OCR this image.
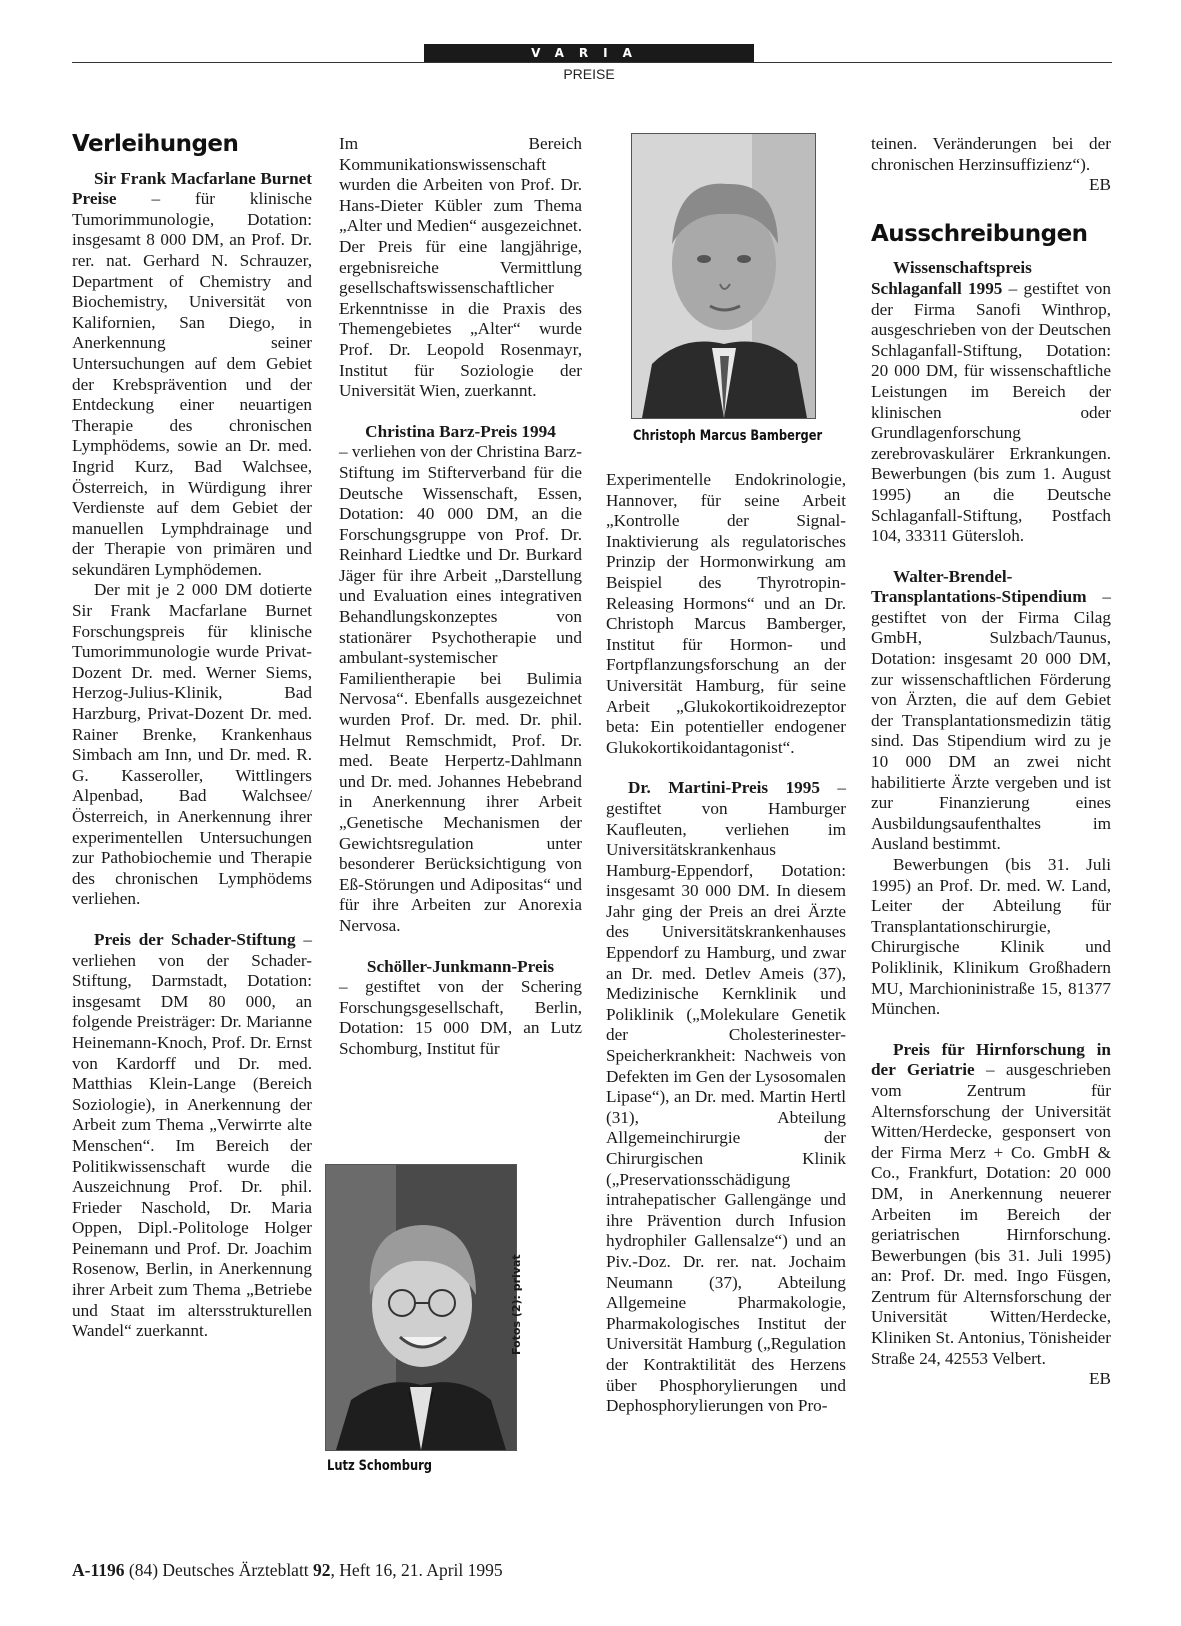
VARIA
PREISE
Verleihungen

Sir Frank Macfarlane Burnet Preise – für klinische Tumorimmunologie, Dotation: insgesamt 8 000 DM, an Prof. Dr. rer. nat. Gerhard N. Schrauzer, Department of Chemistry and Biochemistry, Universität von Kalifornien, San Diego, in Anerkennung seiner Untersuchungen auf dem Gebiet der Krebsprävention und der Entdeckung einer neuartigen Therapie des chronischen Lymphödems, sowie an Dr. med. Ingrid Kurz, Bad Walchsee, Österreich, in Würdigung ihrer Verdienste auf dem Gebiet der manuellen Lymphdrainage und der Therapie von primären und sekundären Lymphödemen.

Der mit je 2 000 DM dotierte Sir Frank Macfarlane Burnet Forschungspreis für klinische Tumorimmunologie wurde Privat-Dozent Dr. med. Werner Siems, Herzog-Julius-Klinik, Bad Harzburg, Privat-Dozent Dr. med. Rainer Brenke, Krankenhaus Simbach am Inn, und Dr. med. R. G. Kasseroller, Wittlingers Alpenbad, Bad Walchsee/Österreich, in Anerkennung ihrer experimentellen Untersuchungen zur Pathobiochemie und Therapie des chronischen Lymphödems verliehen.

Preis der Schader-Stiftung – verliehen von der Schader-Stiftung, Darmstadt, Dotation: insgesamt DM 80 000, an folgende Preisträger: Dr. Marianne Heinemann-Knoch, Prof. Dr. Ernst von Kardorff und Dr. med. Matthias Klein-Lange (Bereich Soziologie), in Anerkennung der Arbeit zum Thema „Verwirrte alte Menschen“. Im Bereich der Politikwissenschaft wurde die Auszeichnung Prof. Dr. phil. Frieder Naschold, Dr. Maria Oppen, Dipl.-Politologe Holger Peinemann und Prof. Dr. Joachim Rosenow, Berlin, in Anerkennung ihrer Arbeit zum Thema „Betriebe und Staat im altersstrukturellen Wandel“ zuerkannt.

Im Bereich Kommunikationswissenschaft wurden die Arbeiten von Prof. Dr. Hans-Dieter Kübler zum Thema „Alter und Medien“ ausgezeichnet. Der Preis für eine langjährige, ergebnisreiche Vermittlung gesellschaftswissenschaftlicher Erkenntnisse in die Praxis des Themengebietes „Alter“ wurde Prof. Dr. Leopold Rosenmayr, Institut für Soziologie der Universität Wien, zuerkannt.

Christina Barz-Preis 1994

– verliehen von der Christina Barz-Stiftung im Stifterverband für die Deutsche Wissenschaft, Essen, Dotation: 40 000 DM, an die Forschungsgruppe von Prof. Dr. Reinhard Liedtke und Dr. Burkard Jäger für ihre Arbeit „Darstellung und Evaluation eines integrativen Behandlungskonzeptes von stationärer Psychotherapie und ambulant-systemischer Familientherapie bei Bulimia Nervosa“. Ebenfalls ausgezeichnet wurden Prof. Dr. med. Dr. phil. Helmut Remschmidt, Prof. Dr. med. Beate Herpertz-Dahlmann und Dr. med. Johannes Hebebrand in Anerkennung ihrer Arbeit „Genetische Mechanismen der Gewichtsregulation unter besonderer Berücksichtigung von Eß-Störungen und Adipositas“ und für ihre Arbeiten zur Anorexia Nervosa.

Schöller-Junkmann-Preis

– gestiftet von der Schering Forschungsgesellschaft, Berlin, Dotation: 15 000 DM, an Lutz Schomburg, Institut für

Christoph Marcus Bamberger

Experimentelle Endokrinologie, Hannover, für seine Arbeit „Kontrolle der Signal-Inaktivierung als regulatorisches Prinzip der Hormonwirkung am Beispiel des Thyrotropin-Releasing Hormons“ und an Dr. Christoph Marcus Bamberger, Institut für Hormon- und Fortpflanzungsforschung an der Universität Hamburg, für seine Arbeit „Glukokortikoidrezeptor beta: Ein potentieller endogener Glukokortikoidantagonist“.

Dr. Martini-Preis 1995 – gestiftet von Hamburger Kaufleuten, verliehen im Universitätskrankenhaus Hamburg-Eppendorf, Dotation: insgesamt 30 000 DM. In diesem Jahr ging der Preis an drei Ärzte des Universitätskrankenhauses Eppendorf zu Hamburg, und zwar an Dr. med. Detlev Ameis (37), Medizinische Kernklinik und Poliklinik („Molekulare Genetik der Cholesterinester-Speicherkrankheit: Nachweis von Defekten im Gen der Lysosomalen Lipase“), an Dr. med. Martin Hertl (31), Abteilung Allgemeinchirurgie der Chirurgischen Klinik („Preservationsschädigung intrahepatischer Gallengänge und ihre Prävention durch Infusion hydrophiler Gallensalze“) und an Piv.-Doz. Dr. rer. nat. Jochaim Neumann (37), Abteilung Allgemeine Pharmakologie, Pharmakologisches Institut der Universität Hamburg („Regulation der Kontraktilität des Herzens über Phosphorylierungen und Dephosphorylierungen von Pro-

Lutz Schomburg
Fotos (2): privat

teinen. Veränderungen bei der chronischen Herzinsuffizienz“).

EB
Ausschreibungen

Wissenschaftspreis Schlaganfall 1995 – gestiftet von der Firma Sanofi Winthrop, ausgeschrieben von der Deutschen Schlaganfall-Stiftung, Dotation: 20 000 DM, für wissenschaftliche Leistungen im Bereich der klinischen oder Grundlagenforschung zerebrovaskulärer Erkrankungen. Bewerbungen (bis zum 1. August 1995) an die Deutsche Schlaganfall-Stiftung, Postfach 104, 33311 Gütersloh.

Walter-Brendel-Transplantations-Stipendium – gestiftet von der Firma Cilag GmbH, Sulzbach/Taunus, Dotation: insgesamt 20 000 DM, zur wissenschaftlichen Förderung von Ärzten, die auf dem Gebiet der Transplantationsmedizin tätig sind. Das Stipendium wird zu je 10 000 DM an zwei nicht habilitierte Ärzte vergeben und ist zur Finanzierung eines Ausbildungsaufenthaltes im Ausland bestimmt.

Bewerbungen (bis 31. Juli 1995) an Prof. Dr. med. W. Land, Leiter der Abteilung für Transplantationschirurgie, Chirurgische Klinik und Poliklinik, Klinikum Großhadern MU, Marchioninistraße 15, 81377 München.

Preis für Hirnforschung in der Geriatrie – ausgeschrieben vom Zentrum für Alternsforschung der Universität Witten/Herdecke, gesponsert von der Firma Merz + Co. GmbH & Co., Frankfurt, Dotation: 20 000 DM, in Anerkennung neuerer Arbeiten im Bereich der geriatrischen Hirnforschung. Bewerbungen (bis 31. Juli 1995) an: Prof. Dr. med. Ingo Füsgen, Zentrum für Alternsforschung der Universität Witten/Herdecke, Kliniken St. Antonius, Tönisheider Straße 24, 42553 Velbert.

EB
A-1196 (84) Deutsches Ärzteblatt 92, Heft 16, 21. April 1995
